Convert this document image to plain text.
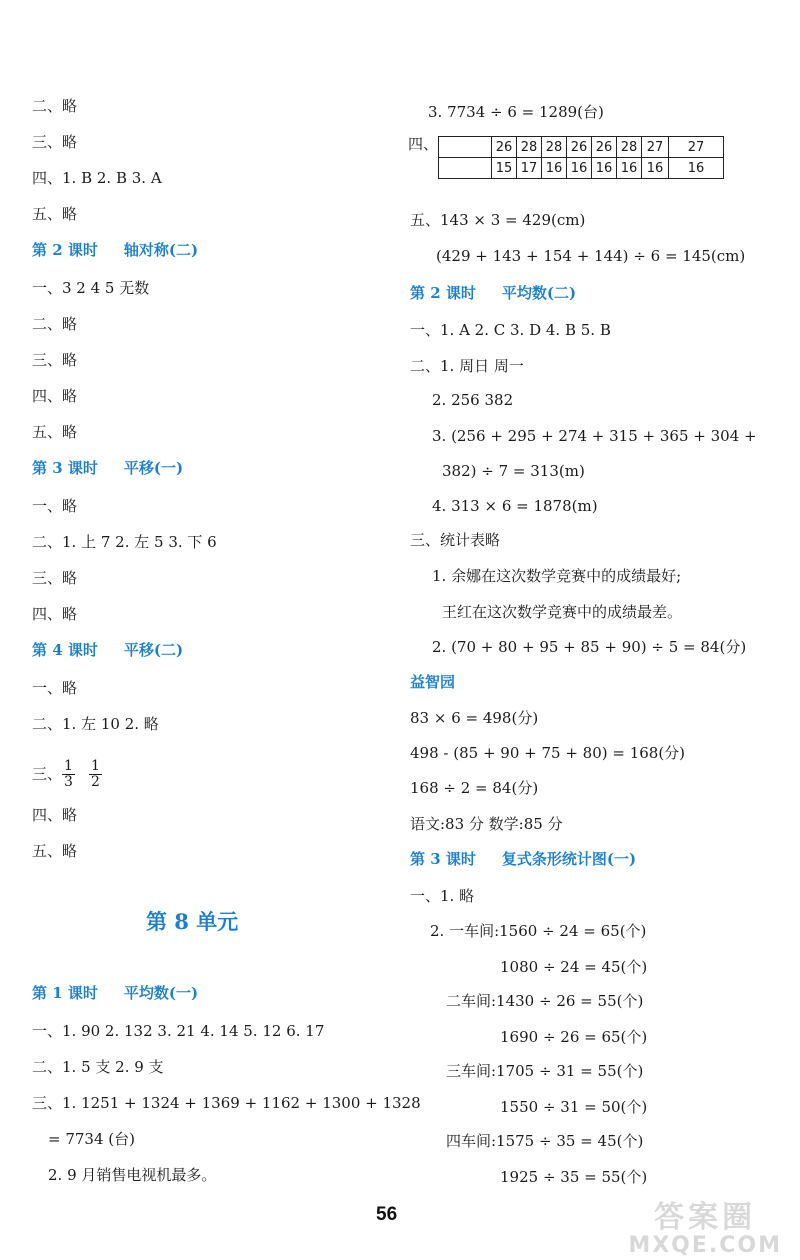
二、略
三、略
四、1. B 2. B 3. A
五、略
第 2 课时 轴对称(二)
一、3 2 4 5 无数
二、略
三、略
四、略
五、略
第 3 课时 平移(一)
一、略
二、1. 上 7 2. 左 5 3. 下 6
三、略
四、略
第 4 课时 平移(二)
一、略
二、1. 左 10 2. 略
三、 $\frac{1}{3} \frac{1}{2}$
四、略
五、略
第 8 单元
第 1 课时 平均数(一)
一、1. 90 2. 132 3. 21 4. 14 5. 12 6. 17
二、1. 5 支 2. 9 支
三、1. 1251 + 1324 + 1369 + 1162 + 1300 + 1328
= 7734 (台)
2. 9 月销售电视机最多。
3. 7734 ÷ 6 = 1289(台)
四、
		26	28	28	26	26	28	27	27
	15	17	16	16	16	16	16	16
五、143 × 3 = 429(cm)
(429 + 143 + 154 + 144) ÷ 6 = 145(cm)
第 2 课时 平均数(二)
一、1. A 2. C 3. D 4. B 5. B
二、1. 周日 周一
2. 256 382
3. (256 + 295 + 274 + 315 + 365 + 304 +
382) ÷ 7 = 313(m)
4. 313 × 6 = 1878(m)
三、统计表略
1. 余娜在这次数学竞赛中的成绩最好;
王红在这次数学竞赛中的成绩最差。
2. (70 + 80 + 95 + 85 + 90) ÷ 5 = 84(分)
益智园
83 × 6 = 498(分)
498 - (85 + 90 + 75 + 80) = 168(分)
168 ÷ 2 = 84(分)
语文:83 分 数学:85 分
第 3 课时 复式条形统计图(一)
一、1. 略
2. 一车间:1560 ÷ 24 = 65(个)
1080 ÷ 24 = 45(个)
二车间:1430 ÷ 26 = 55(个)
1690 ÷ 26 = 65(个)
三车间:1705 ÷ 31 = 55(个)
1550 ÷ 31 = 50(个)
四车间:1575 ÷ 35 = 45(个)
1925 ÷ 35 = 55(个)
56	答案圈
MXQE.COM
